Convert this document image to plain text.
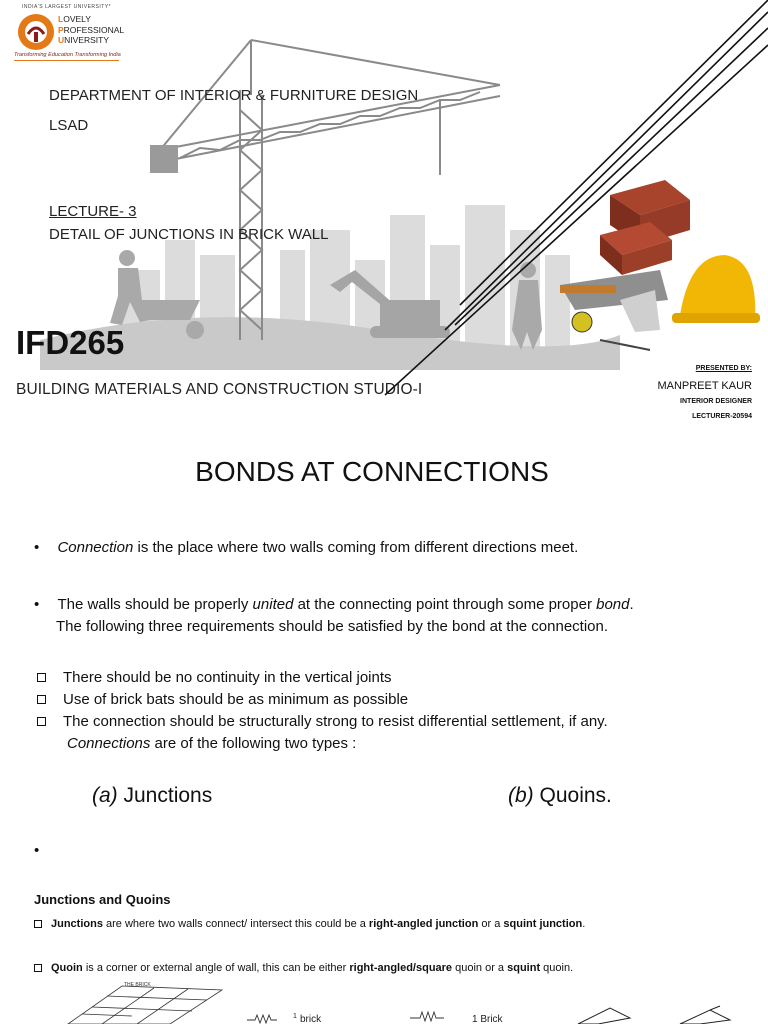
INDIA'S LARGEST UNIVERSITY*
LOVELY
PROFESSIONAL
UNIVERSITY
Transforming Education Transforming India
DEPARTMENT OF INTERIOR & FURNITURE DESIGN
LSAD
LECTURE- 3
DETAIL OF JUNCTIONS IN BRICK WALL
IFD265
BUILDING MATERIALS AND CONSTRUCTION STUDIO-I
PRESENTED BY:
MANPREET KAUR
INTERIOR DESIGNER
LECTURER-20594
BONDS AT CONNECTIONS
• Connection is the place where two walls coming from different directions meet.
• The walls should be properly united at the connecting point through some proper bond.
The following three requirements should be satisfied by the bond at the connection.
There should be no continuity in the vertical joints
Use of brick bats should be as minimum as possible
The connection should be structurally strong to resist differential settlement, if any.
Connections are of the following two types :
(a) Junctions	(b) Quoins.
•
Junctions and Quoins
Junctions are where two walls connect/ intersect this could be a right-angled junction or a squint junction.
Quoin is a corner or external angle of wall, this can be either right-angled/square quoin or a squint quoin.
THE BRICK
brick
1	1 Brick
